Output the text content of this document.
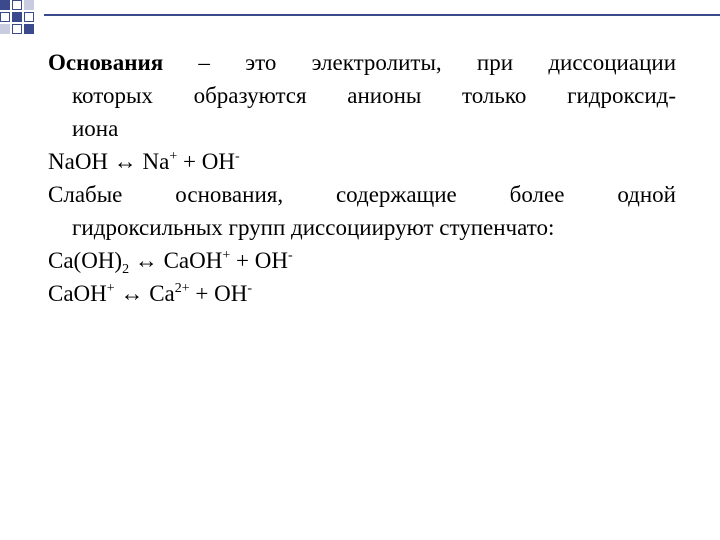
Основания – это электролиты, при диссоциации
которых образуются анионы только гидроксид-
иона

NaOH ↔ Na+ + OH-

Слабые основания, содержащие более одной
гидроксильных групп диссоциируют ступенчато:

$Ca(OH)_2$ ↔ CaOH+ + OH-

CaOH+ ↔ $Ca^{2+} + OH^-$
